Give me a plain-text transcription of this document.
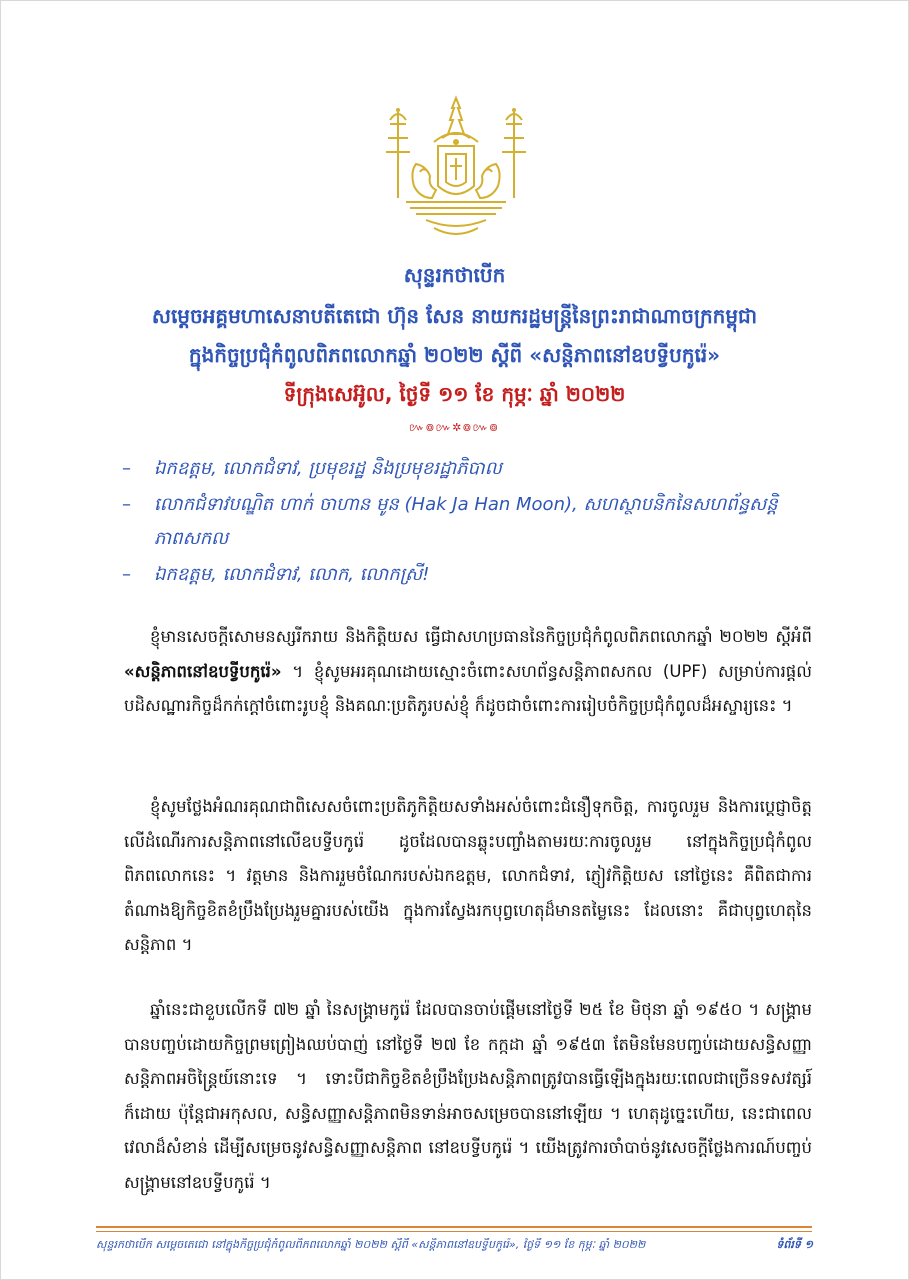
សុន្ទរកថាបើក
សម្តេចអគ្គមហាសេនាបតីតេជោ ហ៊ុន សែន នាយករដ្ឋមន្ត្រីនៃព្រះរាជាណាចក្រកម្ពុជា
ក្នុងកិច្ចប្រជុំកំពូលពិភពលោកឆ្នាំ ២០២២ ស្តីពី «សន្តិភាពនៅឧបទ្វីបកូរ៉េ»
ទីក្រុងសេអ៊ូល, ថ្ងៃទី ១១ ខែ កុម្ភៈ ឆ្នាំ ២០២២
៚៙៚✲៙៚៙
– ឯកឧត្តម, លោកជំទាវ, ប្រមុខរដ្ឋ និងប្រមុខរដ្ឋាភិបាល
– លោកជំទាវបណ្ឌិត ហាក់ ចាហាន មូន (Hak Ja Han Moon), សហស្ថាបនិកនៃសហព័ន្ធសន្តិភាពសកល
– ឯកឧត្តម, លោកជំទាវ, លោក, លោកស្រី!

ខ្ញុំមានសេចក្តីសោមនស្សរីករាយ និងកិត្តិយស ធ្វើជាសហប្រធាននៃកិច្ចប្រជុំកំពូលពិភពលោកឆ្នាំ ២០២២ ស្តីអំពី «សន្តិភាពនៅឧបទ្វីបកូរ៉េ» ។ ខ្ញុំសូមអរគុណដោយស្មោះចំពោះសហព័ន្ធសន្តិភាពសកល (UPF) សម្រាប់ការផ្តល់បដិសណ្ឋារកិច្ចដ៏កក់ក្តៅចំពោះរូបខ្ញុំ និងគណៈប្រតិភូរបស់ខ្ញុំ ក៏ដូចជាចំពោះការរៀបចំកិច្ចប្រជុំកំពូលដ៏អស្ចារ្យនេះ ។

ខ្ញុំសូមថ្លែងអំណរគុណជាពិសេសចំពោះប្រតិភូកិត្តិយសទាំងអស់ចំពោះជំនឿទុកចិត្ត, ការចូលរួម និងការប្តេជ្ញាចិត្ត លើដំណើរការសន្តិភាពនៅលើឧបទ្វីបកូរ៉េ ដូចដែលបានឆ្លុះបញ្ចាំងតាមរយៈការចូលរួម នៅក្នុងកិច្ចប្រជុំកំពូលពិភពលោកនេះ ។ វត្តមាន និងការរួមចំណែករបស់ឯកឧត្តម, លោកជំទាវ, ភ្ញៀវកិត្តិយស នៅថ្ងៃនេះ គឺពិតជាការតំណាងឱ្យកិច្ចខិតខំប្រឹងប្រែងរួមគ្នារបស់យើង ក្នុងការស្វែងរកបុព្វហេតុដ៏មានតម្លៃនេះ ដែលនោះ គឺជាបុព្វហេតុនៃសន្តិភាព ។

ឆ្នាំនេះជាខួបលើកទី ៧២ ឆ្នាំ នៃសង្គ្រាមកូរ៉េ ដែលបានចាប់ផ្តើមនៅថ្ងៃទី ២៥ ខែ មិថុនា ឆ្នាំ ១៩៥០ ។ សង្គ្រាមបានបញ្ចប់ដោយកិច្ចព្រមព្រៀងឈប់បាញ់ នៅថ្ងៃទី ២៧ ខែ កក្កដា ឆ្នាំ ១៩៥៣ តែមិនមែនបញ្ចប់ដោយសន្ធិសញ្ញាសន្តិភាពអចិន្ត្រៃយ៍នោះទេ ។ ទោះបីជាកិច្ចខិតខំប្រឹងប្រែងសន្តិភាពត្រូវបានធ្វើឡើងក្នុងរយៈពេលជាច្រើនទសវត្សរ៍ក៏ដោយ ប៉ុន្តែជាអកុសល, សន្ធិសញ្ញាសន្តិភាពមិនទាន់អាចសម្រេចបាននៅឡើយ ។ ហេតុដូច្នេះហើយ, នេះជាពេលវេលាដ៏សំខាន់ ដើម្បីសម្រេចនូវសន្ធិសញ្ញាសន្តិភាព នៅឧបទ្វីបកូរ៉េ ។ យើងត្រូវការចាំបាច់នូវសេចក្តីថ្លែងការណ៍បញ្ចប់សង្គ្រាមនៅឧបទ្វីបកូរ៉េ ។

សុន្ទរកថាបើក សម្តេចតេជោ នៅក្នុងកិច្ចប្រជុំកំពូលពិភពលោកឆ្នាំ ២០២២ ស្តីពី «សន្តិភាពនៅឧបទ្វីបកូរ៉េ», ថ្ងៃទី ១១ ខែ កុម្ភៈ ឆ្នាំ ២០២២	ទំព័រទី ១
